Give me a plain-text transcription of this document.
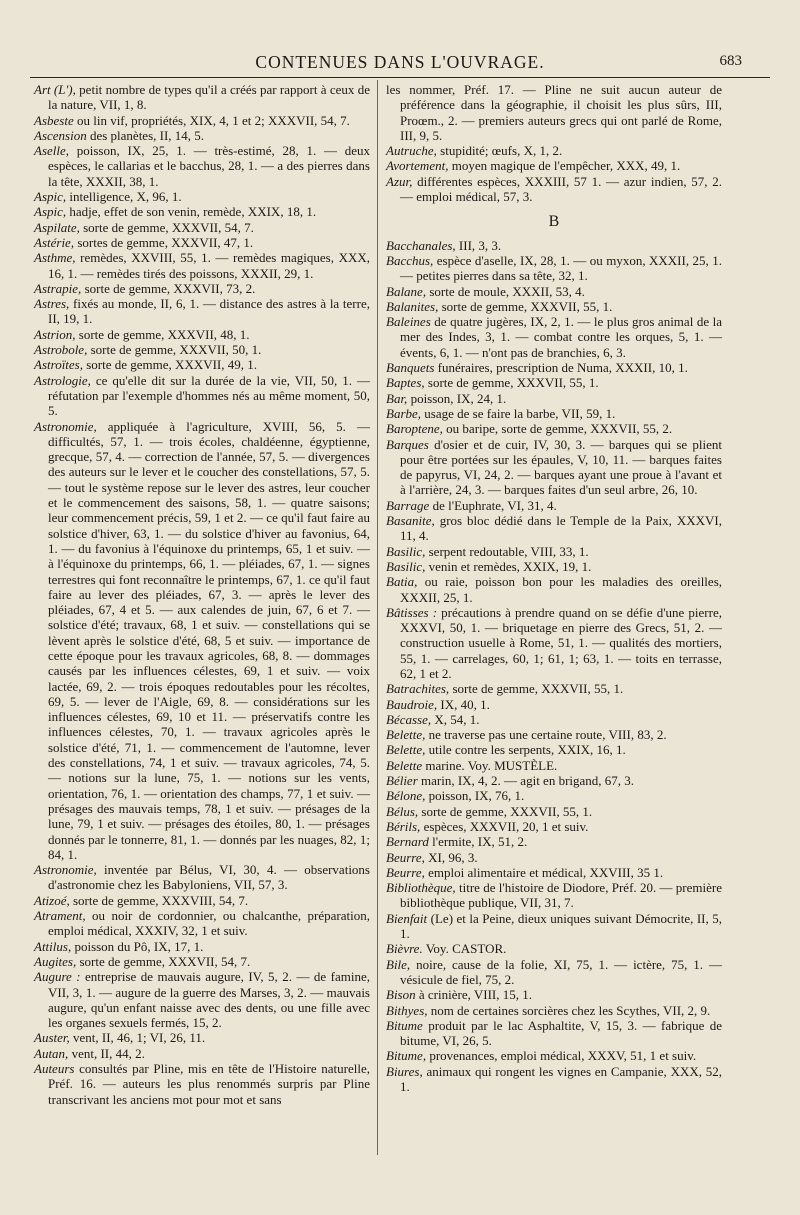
CONTENUES DANS L'OUVRAGE.	683

Art (L'), petit nombre de types qu'il a créés par rapport à ceux de la nature, VII, 1, 8.

Asbeste ou lin vif, propriétés, XIX, 4, 1 et 2; XXXVII, 54, 7.

Ascension des planètes, II, 14, 5.

Aselle, poisson, IX, 25, 1. — très-estimé, 28, 1. — deux espèces, le callarias et le bacchus, 28, 1. — a des pierres dans la tête, XXXII, 38, 1.

Aspic, intelligence, X, 96, 1.

Aspic, hadje, effet de son venin, remède, XXIX, 18, 1.

Aspilate, sorte de gemme, XXXVII, 54, 7.

Astérie, sortes de gemme, XXXVII, 47, 1.

Asthme, remèdes, XXVIII, 55, 1. — remèdes magiques, XXX, 16, 1. — remèdes tirés des poissons, XXXII, 29, 1.

Astrapie, sorte de gemme, XXXVII, 73, 2.

Astres, fixés au monde, II, 6, 1. — distance des astres à la terre, II, 19, 1.

Astrion, sorte de gemme, XXXVII, 48, 1.

Astrobole, sorte de gemme, XXXVII, 50, 1.

Astroïtes, sorte de gemme, XXXVII, 49, 1.

Astrologie, ce qu'elle dit sur la durée de la vie, VII, 50, 1. — réfutation par l'exemple d'hommes nés au même moment, 50, 5.

Astronomie, appliquée à l'agriculture, XVIII, 56, 5. — difficultés, 57, 1. — trois écoles, chaldéenne, égyptienne, grecque, 57, 4. — correction de l'année, 57, 5. — divergences des auteurs sur le lever et le coucher des constellations, 57, 5. — tout le système repose sur le lever des astres, leur coucher et le commencement des saisons, 58, 1. — quatre saisons; leur commencement précis, 59, 1 et 2. — ce qu'il faut faire au solstice d'hiver, 63, 1. — du solstice d'hiver au favonius, 64, 1. — du favonius à l'équinoxe du printemps, 65, 1 et suiv. — à l'équinoxe du printemps, 66, 1. — pléiades, 67, 1. — signes terrestres qui font reconnaître le printemps, 67, 1. ce qu'il faut faire au lever des pléiades, 67, 3. — après le lever des pléiades, 67, 4 et 5. — aux calendes de juin, 67, 6 et 7. — solstice d'été; travaux, 68, 1 et suiv. — constellations qui se lèvent après le solstice d'été, 68, 5 et suiv. — importance de cette époque pour les travaux agricoles, 68, 8. — dommages causés par les influences célestes, 69, 1 et suiv. — voix lactée, 69, 2. — trois époques redoutables pour les récoltes, 69, 5. — lever de l'Aigle, 69, 8. — considérations sur les influences célestes, 69, 10 et 11. — préservatifs contre les influences célestes, 70, 1. — travaux agricoles après le solstice d'été, 71, 1. — commencement de l'automne, lever des constellations, 74, 1 et suiv. — travaux agricoles, 74, 5. — notions sur la lune, 75, 1. — notions sur les vents, orientation, 76, 1. — orientation des champs, 77, 1 et suiv. — présages des mauvais temps, 78, 1 et suiv. — présages de la lune, 79, 1 et suiv. — présages des étoiles, 80, 1. — présages donnés par le tonnerre, 81, 1. — donnés par les nuages, 82, 1; 84, 1.

Astronomie, inventée par Bélus, VI, 30, 4. — observations d'astronomie chez les Babyloniens, VII, 57, 3.

Atizoé, sorte de gemme, XXXVIII, 54, 7.

Atrament, ou noir de cordonnier, ou chalcanthe, préparation, emploi médical, XXXIV, 32, 1 et suiv.

Attilus, poisson du Pô, IX, 17, 1.

Augites, sorte de gemme, XXXVII, 54, 7.

Augure : entreprise de mauvais augure, IV, 5, 2. — de famine, VII, 3, 1. — augure de la guerre des Marses, 3, 2. — mauvais augure, qu'un enfant naisse avec des dents, ou une fille avec les organes sexuels fermés, 15, 2.

Auster, vent, II, 46, 1; VI, 26, 11.

Autan, vent, II, 44, 2.

Auteurs consultés par Pline, mis en tête de l'Histoire naturelle, Préf. 16. — auteurs les plus renommés surpris par Pline transcrivant les anciens mot pour mot et sans

les nommer, Préf. 17. — Pline ne suit aucun auteur de préférence dans la géographie, il choisit les plus sûrs, III, Proœm., 2. — premiers auteurs grecs qui ont parlé de Rome, III, 9, 5.

Autruche, stupidité; œufs, X, 1, 2.

Avortement, moyen magique de l'empêcher, XXX, 49, 1.

Azur, différentes espèces, XXXIII, 57 1. — azur indien, 57, 2. — emploi médical, 57, 3.

B

Bacchanales, III, 3, 3.

Bacchus, espèce d'aselle, IX, 28, 1. — ou myxon, XXXII, 25, 1. — petites pierres dans sa tête, 32, 1.

Balane, sorte de moule, XXXII, 53, 4.

Balanites, sorte de gemme, XXXVII, 55, 1.

Baleines de quatre jugères, IX, 2, 1. — le plus gros animal de la mer des Indes, 3, 1. — combat contre les orques, 5, 1. — évents, 6, 1. — n'ont pas de branchies, 6, 3.

Banquets funéraires, prescription de Numa, XXXII, 10, 1.

Baptes, sorte de gemme, XXXVII, 55, 1.

Bar, poisson, IX, 24, 1.

Barbe, usage de se faire la barbe, VII, 59, 1.

Baroptene, ou baripe, sorte de gemme, XXXVII, 55, 2.

Barques d'osier et de cuir, IV, 30, 3. — barques qui se plient pour être portées sur les épaules, V, 10, 11. — barques faites de papyrus, VI, 24, 2. — barques ayant une proue à l'avant et à l'arrière, 24, 3. — barques faites d'un seul arbre, 26, 10.

Barrage de l'Euphrate, VI, 31, 4.

Basanite, gros bloc dédié dans le Temple de la Paix, XXXVI, 11, 4.

Basilic, serpent redoutable, VIII, 33, 1.

Basilic, venin et remèdes, XXIX, 19, 1.

Batia, ou raie, poisson bon pour les maladies des oreilles, XXXII, 25, 1.

Bâtisses : précautions à prendre quand on se défie d'une pierre, XXXVI, 50, 1. — briquetage en pierre des Grecs, 51, 2. — construction usuelle à Rome, 51, 1. — qualités des mortiers, 55, 1. — carrelages, 60, 1; 61, 1; 63, 1. — toits en terrasse, 62, 1 et 2.

Batrachites, sorte de gemme, XXXVII, 55, 1.

Baudroie, IX, 40, 1.

Bécasse, X, 54, 1.

Belette, ne traverse pas une certaine route, VIII, 83, 2.

Belette, utile contre les serpents, XXIX, 16, 1.

Belette marine. Voy. MUSTÈLE.

Bélier marin, IX, 4, 2. — agit en brigand, 67, 3.

Bélone, poisson, IX, 76, 1.

Bélus, sorte de gemme, XXXVII, 55, 1.

Bérils, espèces, XXXVII, 20, 1 et suiv.

Bernard l'ermite, IX, 51, 2.

Beurre, XI, 96, 3.

Beurre, emploi alimentaire et médical, XXVIII, 35 1.

Bibliothèque, titre de l'histoire de Diodore, Préf. 20. — première bibliothèque publique, VII, 31, 7.

Bienfait (Le) et la Peine, dieux uniques suivant Démocrite, II, 5, 1.

Bièvre. Voy. CASTOR.

Bile, noire, cause de la folie, XI, 75, 1. — ictère, 75, 1. — vésicule de fiel, 75, 2.

Bison à crinière, VIII, 15, 1.

Bithyes, nom de certaines sorcières chez les Scythes, VII, 2, 9.

Bitume produit par le lac Asphaltite, V, 15, 3. — fabrique de bitume, VI, 26, 5.

Bitume, provenances, emploi médical, XXXV, 51, 1 et suiv.

Biures, animaux qui rongent les vignes en Campanie, XXX, 52, 1.
